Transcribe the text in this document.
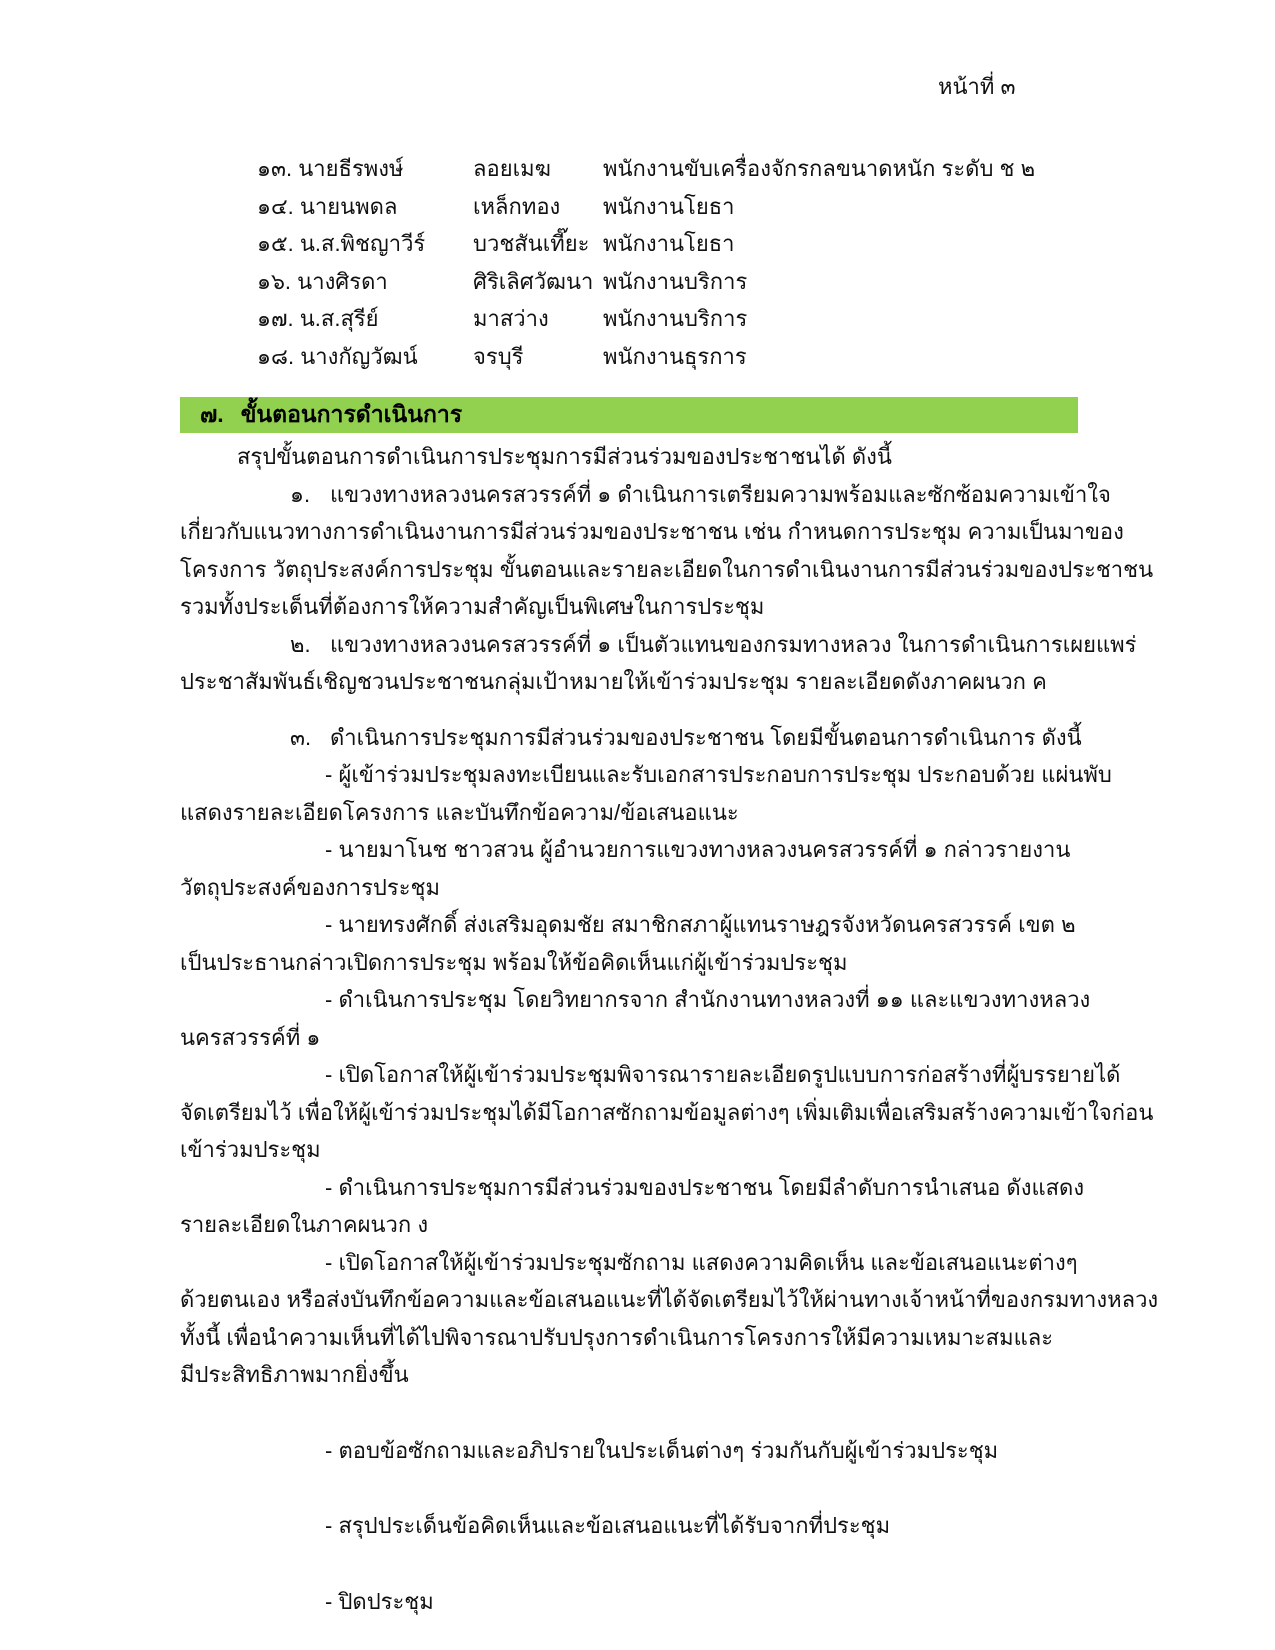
หน้าที่ ๓
๑๓. นายธีรพงษ์	ลอยเมฆ	พนักงานขับเครื่องจักรกลขนาดหนัก ระดับ ช ๒
๑๔. นายนพดล	เหล็กทอง	พนักงานโยธา
๑๕. น.ส.พิชญาวีร์	บวชสันเที๊ยะ พนักงานโยธา
๑๖. นางศิรดา	ศิริเลิศวัฒนา พนักงานบริการ
๑๗. น.ส.สุรีย์	มาสว่าง	พนักงานบริการ
๑๘. นางกัญวัฒน์	จรบุรี	พนักงานธุรการ
๗. ขั้นตอนการดำเนินการ
สรุปขั้นตอนการดำเนินการประชุมการมีส่วนร่วมของประชาชนได้ ดังนี้
๑. แขวงทางหลวงนครสวรรค์ที่ ๑ ดำเนินการเตรียมความพร้อมและซักซ้อมความเข้าใจ
เกี่ยวกับแนวทางการดำเนินงานการมีส่วนร่วมของประชาชน เช่น กำหนดการประชุม ความเป็นมาของ
โครงการ วัตถุประสงค์การประชุม ขั้นตอนและรายละเอียดในการดำเนินงานการมีส่วนร่วมของประชาชน
รวมทั้งประเด็นที่ต้องการให้ความสำคัญเป็นพิเศษในการประชุม
๒. แขวงทางหลวงนครสวรรค์ที่ ๑ เป็นตัวแทนของกรมทางหลวง ในการดำเนินการเผยแพร่
ประชาสัมพันธ์เชิญชวนประชาชนกลุ่มเป้าหมายให้เข้าร่วมประชุม รายละเอียดดังภาคผนวก ค
๓. ดำเนินการประชุมการมีส่วนร่วมของประชาชน โดยมีขั้นตอนการดำเนินการ ดังนี้
- ผู้เข้าร่วมประชุมลงทะเบียนและรับเอกสารประกอบการประชุม ประกอบด้วย แผ่นพับ
แสดงรายละเอียดโครงการ และบันทึกข้อความ/ข้อเสนอแนะ
- นายมาโนช ชาวสวน ผู้อำนวยการแขวงทางหลวงนครสวรรค์ที่ ๑ กล่าวรายงาน
วัตถุประสงค์ของการประชุม
- นายทรงศักดิ์ ส่งเสริมอุดมชัย สมาชิกสภาผู้แทนราษฎรจังหวัดนครสวรรค์ เขต ๒
เป็นประธานกล่าวเปิดการประชุม พร้อมให้ข้อคิดเห็นแก่ผู้เข้าร่วมประชุม
- ดำเนินการประชุม โดยวิทยากรจาก สำนักงานทางหลวงที่ ๑๑ และแขวงทางหลวง
นครสวรรค์ที่ ๑
- เปิดโอกาสให้ผู้เข้าร่วมประชุมพิจารณารายละเอียดรูปแบบการก่อสร้างที่ผู้บรรยายได้
จัดเตรียมไว้ เพื่อให้ผู้เข้าร่วมประชุมได้มีโอกาสซักถามข้อมูลต่างๆ เพิ่มเติมเพื่อเสริมสร้างความเข้าใจก่อน
เข้าร่วมประชุม
- ดำเนินการประชุมการมีส่วนร่วมของประชาชน โดยมีลำดับการนำเสนอ ดังแสดง
รายละเอียดในภาคผนวก ง
- เปิดโอกาสให้ผู้เข้าร่วมประชุมซักถาม แสดงความคิดเห็น และข้อเสนอแนะต่างๆ
ด้วยตนเอง หรือส่งบันทึกข้อความและข้อเสนอแนะที่ได้จัดเตรียมไว้ให้ผ่านทางเจ้าหน้าที่ของกรมทางหลวง
ทั้งนี้ เพื่อนำความเห็นที่ได้ไปพิจารณาปรับปรุงการดำเนินการโครงการให้มีความเหมาะสมและ
มีประสิทธิภาพมากยิ่งขึ้น
- ตอบข้อซักถามและอภิปรายในประเด็นต่างๆ ร่วมกันกับผู้เข้าร่วมประชุม
- สรุปประเด็นข้อคิดเห็นและข้อเสนอแนะที่ได้รับจากที่ประชุม
- ปิดประชุม
